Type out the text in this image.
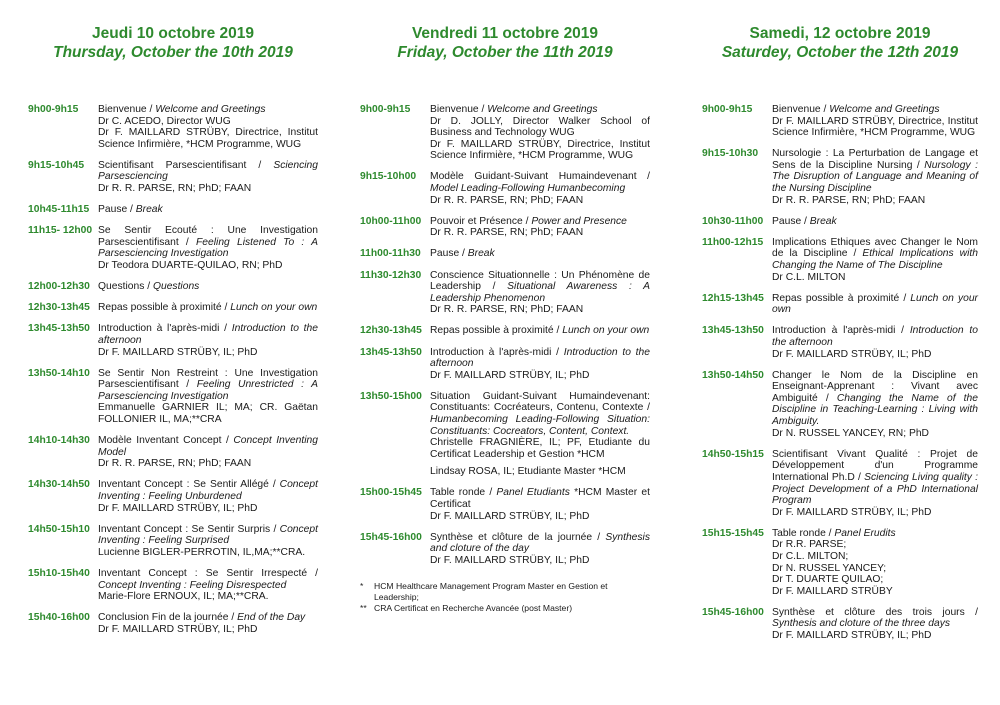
Jeudi 10 octobre 2019
Thursday, October the 10th 2019
9h00-9h15	Bienvenue / Welcome and Greetings
Dr C. ACEDO, Director WUG
Dr F. MAILLARD STRÜBY, Directrice, Institut Science Infirmière, *HCM Programme, WUG
9h15-10h45	Scientifisant Parsescientifisant / Sciencing Parsesciencing
Dr R. R. PARSE, RN; PhD; FAAN
10h45-11h15 Pause / Break
11h15- 12h00 Se Sentir Ecouté : Une Investigation Parsescientifisant / Feeling Listened To : A Parsesciencing Investigation
Dr Teodora DUARTE-QUILAO, RN; PhD
12h00-12h30 Questions / Questions
12h30-13h45 Repas possible à proximité / Lunch on your own
13h45-13h50 Introduction à l'après-midi / Introduction to the afternoon
Dr F. MAILLARD STRÜBY, IL; PhD
13h50-14h10 Se Sentir Non Restreint : Une Investigation Parsescientifisant / Feeling Unrestricted : A Parsesciencing Investigation
Emmanuelle GARNIER IL; MA; CR. Gaëtan FOLLONIER IL, MA;**CRA
14h10-14h30 Modèle Inventant Concept / Concept Inventing Model
Dr R. R. PARSE, RN; PhD; FAAN
14h30-14h50 Inventant Concept : Se Sentir Allégé / Concept Inventing : Feeling Unburdened
Dr F. MAILLARD STRÜBY, IL; PhD
14h50-15h10 Inventant Concept : Se Sentir Surpris / Concept Inventing : Feeling Surprised
Lucienne BIGLER-PERROTIN, IL,MA;**CRA.
15h10-15h40 Inventant Concept : Se Sentir Irrespecté / Concept Inventing : Feeling Disrespected
Marie-Flore ERNOUX, IL; MA;**CRA.
15h40-16h00 Conclusion Fin de la journée / End of the Day
Dr F. MAILLARD STRÜBY, IL; PhD
Vendredi 11 octobre 2019
Friday, October the 11th 2019
9h00-9h15	Bienvenue / Welcome and Greetings
Dr D. JOLLY, Director Walker School of Business and Technology WUG
Dr F. MAILLARD STRÜBY, Directrice, Institut Science Infirmière, *HCM Programme, WUG
9h15-10h00	Modèle Guidant-Suivant Humaindevenant / Model Leading-Following Humanbecoming
Dr R. R. PARSE, RN; PhD; FAAN
10h00-11h00 Pouvoir et Présence / Power and Presence
Dr R. R. PARSE, RN; PhD; FAAN
11h00-11h30 Pause / Break
11h30-12h30 Conscience Situationnelle : Un Phénomène de Leadership / Situational Awareness : A Leadership Phenomenon
Dr R. R. PARSE, RN; PhD; FAAN
12h30-13h45 Repas possible à proximité / Lunch on your own
13h45-13h50 Introduction à l'après-midi / Introduction to the afternoon
Dr F. MAILLARD STRÜBY, IL; PhD
13h50-15h00 Situation Guidant-Suivant Humaindevenant: Constituants: Cocréateurs, Contenu, Contexte / Humanbecoming Leading-Following Situation: Constituants: Cocreators, Content, Context.
Christelle FRAGNIÈRE, IL; PF, Etudiante du Certificat Leadership et Gestion *HCM
Lindsay ROSA, IL; Etudiante Master *HCM
15h00-15h45 Table ronde / Panel Etudiants *HCM Master et Certificat
Dr F. MAILLARD STRÜBY, IL; PhD
15h45-16h00 Synthèse et clôture de la journée / Synthesis and cloture of the day
Dr F. MAILLARD STRÜBY, IL; PhD
*	HCM Healthcare Management Program Master en Gestion et Leadership;
** CRA Certificat en Recherche Avancée (post Master)
Samedi, 12 octobre 2019
Saturdey, October the 12th 2019
9h00-9h15	Bienvenue / Welcome and Greetings
Dr F. MAILLARD STRÜBY, Directrice, Institut Science Infirmière, *HCM Programme, WUG
9h15-10h30	Nursologie : La Perturbation de Langage et Sens de la Discipline Nursing / Nursology : The Disruption of Language and Meaning of the Nursing Discipline
Dr R. R. PARSE, RN; PhD; FAAN
10h30-11h00 Pause / Break
11h00-12h15 Implications Ethiques avec Changer le Nom de la Discipline / Ethical Implications with Changing the Name of The Discipline
Dr C.L. MILTON
12h15-13h45 Repas possible à proximité / Lunch on your own
13h45-13h50 Introduction à l'après-midi / Introduction to the afternoon
Dr F. MAILLARD STRÜBY, IL; PhD
13h50-14h50 Changer le Nom de la Discipline en Enseignant-Apprenant : Vivant avec Ambiguité / Changing the Name of the Discipline in Teaching-Learning : Living with Ambiguity.
Dr N. RUSSEL YANCEY, RN; PhD
14h50-15h15 Scientifisant Vivant Qualité : Projet de Développement d'un Programme International Ph.D / Sciencing Living quality : Project Development of a PhD International Program
Dr F. MAILLARD STRÜBY, IL; PhD
15h15-15h45 Table ronde / Panel Erudits
Dr R.R. PARSE;
Dr C.L. MILTON;
Dr N. RUSSEL YANCEY;
Dr T. DUARTE QUILAO;
Dr F. MAILLARD STRÜBY
15h45-16h00 Synthèse et clôture des trois jours / Synthesis and cloture of the three days
Dr F. MAILLARD STRÜBY, IL; PhD
